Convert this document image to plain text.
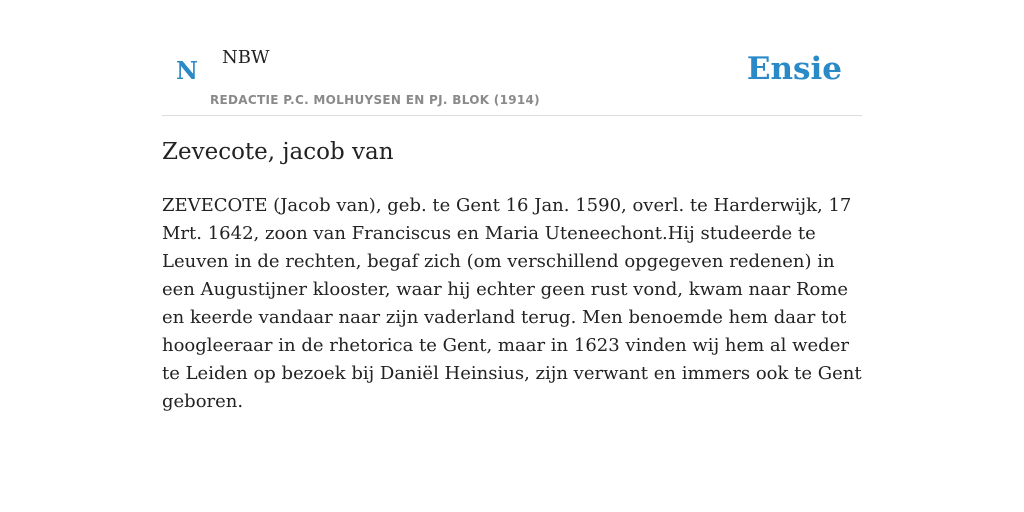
N NBW
REDACTIE P.C. MOLHUYSEN EN PJ. BLOK (1914)
Ensie
Zevecote, jacob van

ZEVECOTE (Jacob van), geb. te Gent 16 Jan. 1590, overl. te Harderwijk, 17 Mrt. 1642, zoon van Franciscus en Maria Uteneechont.Hij studeerde te Leuven in de rechten, begaf zich (om verschillend opgegeven redenen) in een Augustijner klooster, waar hij echter geen rust vond, kwam naar Rome en keerde vandaar naar zijn vaderland terug. Men benoemde hem daar tot hoogleeraar in de rhetorica te Gent, maar in 1623 vinden wij hem al weder te Leiden op bezoek bij Daniël Heinsius, zijn verwant en immers ook te Gent geboren.
